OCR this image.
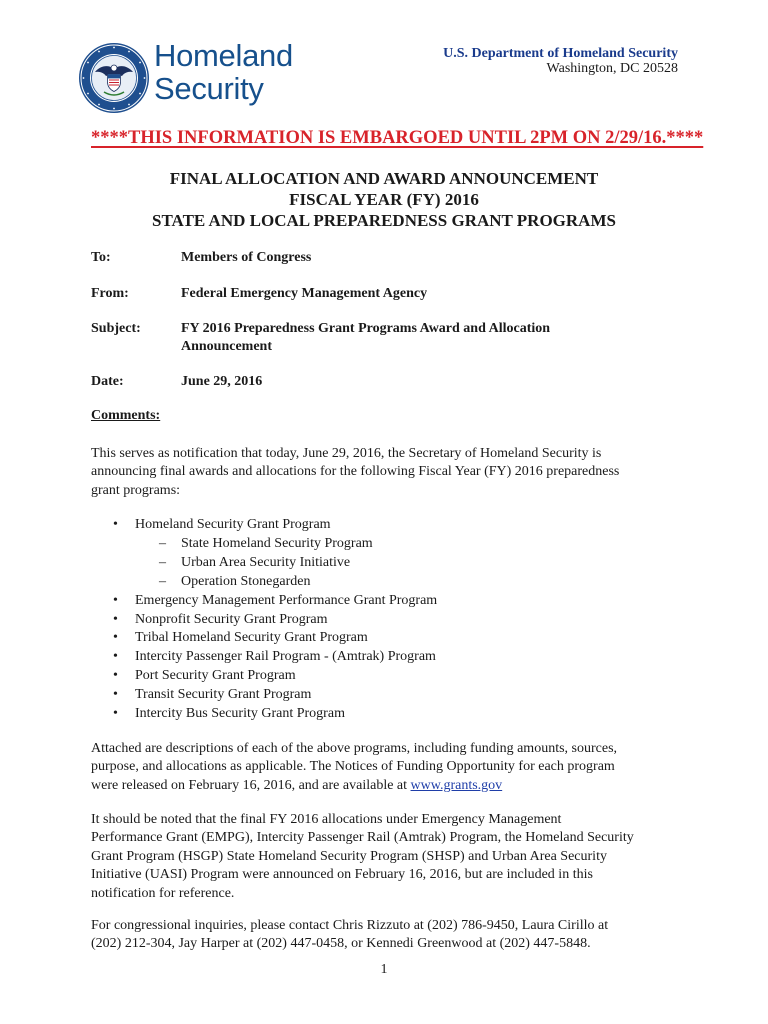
Homeland
Security
U.S. Department of Homeland Security
Washington, DC 20528
****THIS INFORMATION IS EMBARGOED UNTIL 2PM ON 2/29/16.****
FINAL ALLOCATION AND AWARD ANNOUNCEMENT
FISCAL YEAR (FY) 2016
STATE AND LOCAL PREPAREDNESS GRANT PROGRAMS
To:	Members of Congress
From:	Federal Emergency Management Agency
Subject:	FY 2016 Preparedness Grant Programs Award and Allocation
Announcement
Date:	June 29, 2016
Comments:
This serves as notification that today, June 29, 2016, the Secretary of Homeland Security is
announcing final awards and allocations for the following Fiscal Year (FY) 2016 preparedness
grant programs:
• Homeland Security Grant Program
– State Homeland Security Program
– Urban Area Security Initiative
– Operation Stonegarden
• Emergency Management Performance Grant Program
• Nonprofit Security Grant Program
• Tribal Homeland Security Grant Program
• Intercity Passenger Rail Program - (Amtrak) Program
• Port Security Grant Program
• Transit Security Grant Program
• Intercity Bus Security Grant Program
Attached are descriptions of each of the above programs, including funding amounts, sources,
purpose, and allocations as applicable. The Notices of Funding Opportunity for each program
were released on February 16, 2016, and are available at www.grants.gov
It should be noted that the final FY 2016 allocations under Emergency Management
Performance Grant (EMPG), Intercity Passenger Rail (Amtrak) Program, the Homeland Security
Grant Program (HSGP) State Homeland Security Program (SHSP) and Urban Area Security
Initiative (UASI) Program were announced on February 16, 2016, but are included in this
notification for reference.
For congressional inquiries, please contact Chris Rizzuto at (202) 786-9450, Laura Cirillo at
(202) 212-304, Jay Harper at (202) 447-0458, or Kennedi Greenwood at (202) 447-5848.
1
